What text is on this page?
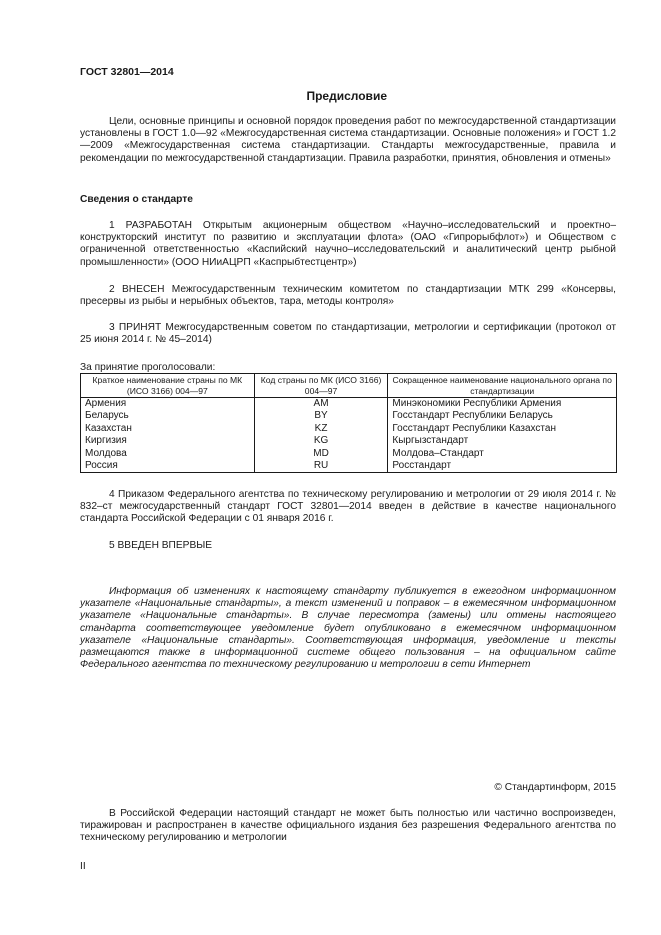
ГОСТ 32801—2014
Предисловие
Цели, основные принципы и основной порядок проведения работ по межгосударственной стандартизации установлены в ГОСТ 1.0—92 «Межгосударственная система стандартизации. Основные положения» и ГОСТ 1.2—2009 «Межгосударственная система стандартизации. Стандарты межгосударственные, правила и рекомендации по межгосударственной стандартизации. Правила разработки, принятия, обновления и отмены»
Сведения о стандарте
1 РАЗРАБОТАН Открытым акционерным обществом «Научно–исследовательский и проектно–конструкторский институт по развитию и эксплуатации флота» (ОАО «Гипрорыбфлот») и Обществом с ограниченной ответственностью «Каспийский научно–исследовательский и аналитический центр рыбной промышленности» (ООО НИиАЦРП «Каспрыбтестцентр»)
2 ВНЕСЕН Межгосударственным техническим комитетом по стандартизации МТК 299 «Консервы, пресервы из рыбы и нерыбных объектов, тара, методы контроля»
3 ПРИНЯТ Межгосударственным советом по стандартизации, метрологии и сертификации (протокол от 25 июня 2014 г. № 45–2014)
За принятие проголосовали:
Краткое наименование страны по МК (ИСО 3166) 004—97	Код страны по МК (ИСО 3166) 004—97	Сокращенное наименование национального органа по стандартизации
Армения	AM	Минэкономики Республики Армения
Беларусь	BY	Госстандарт Республики Беларусь
Казахстан	KZ	Госстандарт Республики Казахстан
Киргизия	KG	Кыргызстандарт
Молдова	MD	Молдова–Стандарт
Россия	RU	Росстандарт
4 Приказом Федерального агентства по техническому регулированию и метрологии от 29 июля 2014 г. № 832–ст межгосударственный стандарт ГОСТ 32801—2014 введен в действие в качестве национального стандарта Российской Федерации с 01 января 2016 г.
5 ВВЕДЕН ВПЕРВЫЕ
Информация об изменениях к настоящему стандарту публикуется в ежегодном информационном указателе «Национальные стандарты», а текст изменений и поправок – в ежемесячном информационном указателе «Национальные стандарты». В случае пересмотра (замены) или отмены настоящего стандарта соответствующее уведомление будет опубликовано в ежемесячном информационном указателе «Национальные стандарты». Соответствующая информация, уведомление и тексты размещаются также в информационной системе общего пользования – на официальном сайте Федерального агентства по техническому регулированию и метрологии в сети Интернет
© Стандартинформ, 2015
В Российской Федерации настоящий стандарт не может быть полностью или частично воспроизведен, тиражирован и распространен в качестве официального издания без разрешения Федерального агентства по техническому регулированию и метрологии
II
